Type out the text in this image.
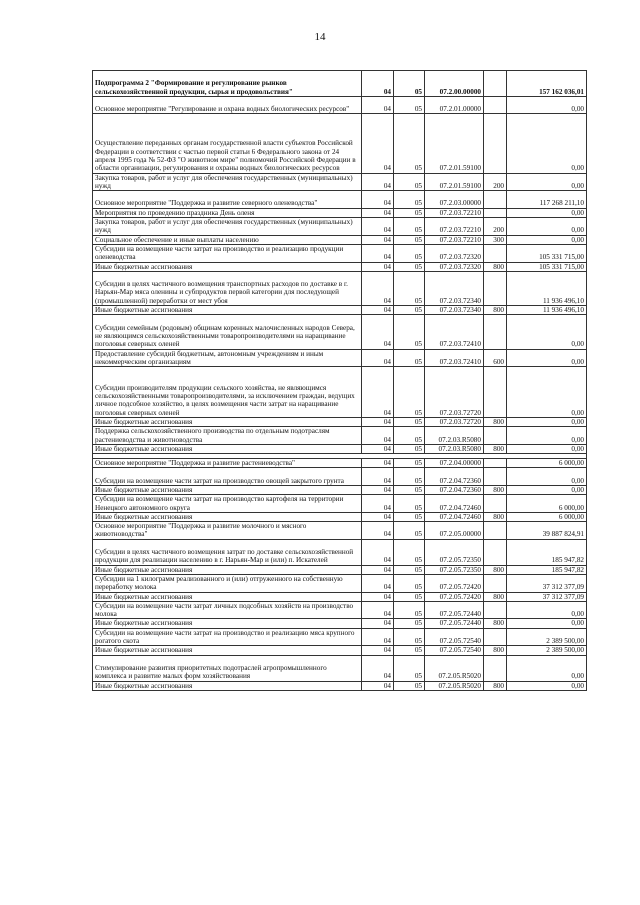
14
Подпрограмма 2 "Формирование и регулирование рынков сельскохозяйственной продукции, сырья и продовольствия"	04	05	07.2.00.00000		157 162 036,01
Основное мероприятие "Регулирование и охрана водных биологических ресурсов"	04	05	07.2.01.00000		0,00
Осуществление переданных органам государственной власти субъектов Российской Федерации в соответствии с частью первой статьи 6 Федерального закона от 24 апреля 1995 года № 52-ФЗ "О животном мире" полномочий Российской Федерации в области организации, регулирования и охраны водных биологических ресурсов	04	05	07.2.01.59100		0,00
Закупка товаров, работ и услуг для обеспечения государственных (муниципальных) нужд	04	05	07.2.01.59100	200	0,00
Основное мероприятие "Поддержка и развитие северного оленеводства"	04	05	07.2.03.00000		117 268 211,10
Мероприятия по проведению праздника День оленя	04	05	07.2.03.72210		0,00
Закупка товаров, работ и услуг для обеспечения государственных (муниципальных) нужд	04	05	07.2.03.72210	200	0,00
Социальное обеспечение и иные выплаты населению	04	05	07.2.03.72210	300	0,00
Субсидии на возмещение части затрат на производство и реализацию продукции оленеводства	04	05	07.2.03.72320		105 331 715,00
Иные бюджетные ассигнования	04	05	07.2.03.72320	800	105 331 715,00
Субсидии в целях частичного возмещения транспортных расходов по доставке в г. Нарьян-Мар мяса оленины и субпродуктов первой категории для последующей (промышленной) переработки от мест убоя	04	05	07.2.03.72340		11 936 496,10
Иные бюджетные ассигнования	04	05	07.2.03.72340	800	11 936 496,10
Субсидии семейным (родовым) общинам коренных малочисленных народов Севера, не являющимся сельскохозяйственными товаропроизводителями на наращивание поголовья северных оленей	04	05	07.2.03.72410		0,00
Предоставление субсидий бюджетным, автономным учреждениям и иным некоммерческим организациям	04	05	07.2.03.72410	600	0,00
Субсидии производителям продукции сельского хозяйства, не являющимся сельскохозяйственными товаропроизводителями, за исключением граждан, ведущих личное подсобное хозяйство, в целях возмещения части затрат на наращивание поголовья северных оленей	04	05	07.2.03.72720		0,00
Иные бюджетные ассигнования	04	05	07.2.03.72720	800	0,00
Поддержка сельскохозяйственного производства по отдельным подотраслям растениеводства и животноводства	04	05	07.2.03.R5080		0,00
Иные бюджетные ассигнования	04	05	07.2.03.R5080	800	0,00

Основное мероприятие "Поддержка и развитие растениеводства"	04	05	07.2.04.00000		6 000,00
Субсидии на возмещение части затрат на производство овощей закрытого грунта	04	05	07.2.04.72360		0,00
Иные бюджетные ассигнования	04	05	07.2.04.72360	800	0,00
Субсидии на возмещение части затрат на производство картофеля на территории Ненецкого автономного округа	04	05	07.2.04.72460		6 000,00
Иные бюджетные ассигнования	04	05	07.2.04.72460	800	6 000,00
Основное мероприятие "Поддержка и развитие молочного и мясного животноводства"	04	05	07.2.05.00000		39 887 824,91
Субсидии в целях частичного возмещения затрат по доставке сельскохозяйственной продукции для реализации населению в г. Нарьян-Мар и (или) п. Искателей	04	05	07.2.05.72350		185 947,82
Иные бюджетные ассигнования	04	05	07.2.05.72350	800	185 947,82
Субсидии на 1 килограмм реализованного и (или) отгруженного на собственную переработку молока	04	05	07.2.05.72420		37 312 377,09
Иные бюджетные ассигнования	04	05	07.2.05.72420	800	37 312 377,09
Субсидии на возмещение части затрат личных подсобных хозяйств на производство молока	04	05	07.2.05.72440		0,00
Иные бюджетные ассигнования	04	05	07.2.05.72440	800	0,00
Субсидии на возмещение части затрат на производство и реализацию мяса крупного рогатого скота	04	05	07.2.05.72540		2 389 500,00
Иные бюджетные ассигнования	04	05	07.2.05.72540	800	2 389 500,00
Стимулирование развития приоритетных подотраслей агропромышленного комплекса и развитие малых форм хозяйствования	04	05	07.2.05.R5020		0,00
Иные бюджетные ассигнования	04	05	07.2.05.R5020	800	0,00
